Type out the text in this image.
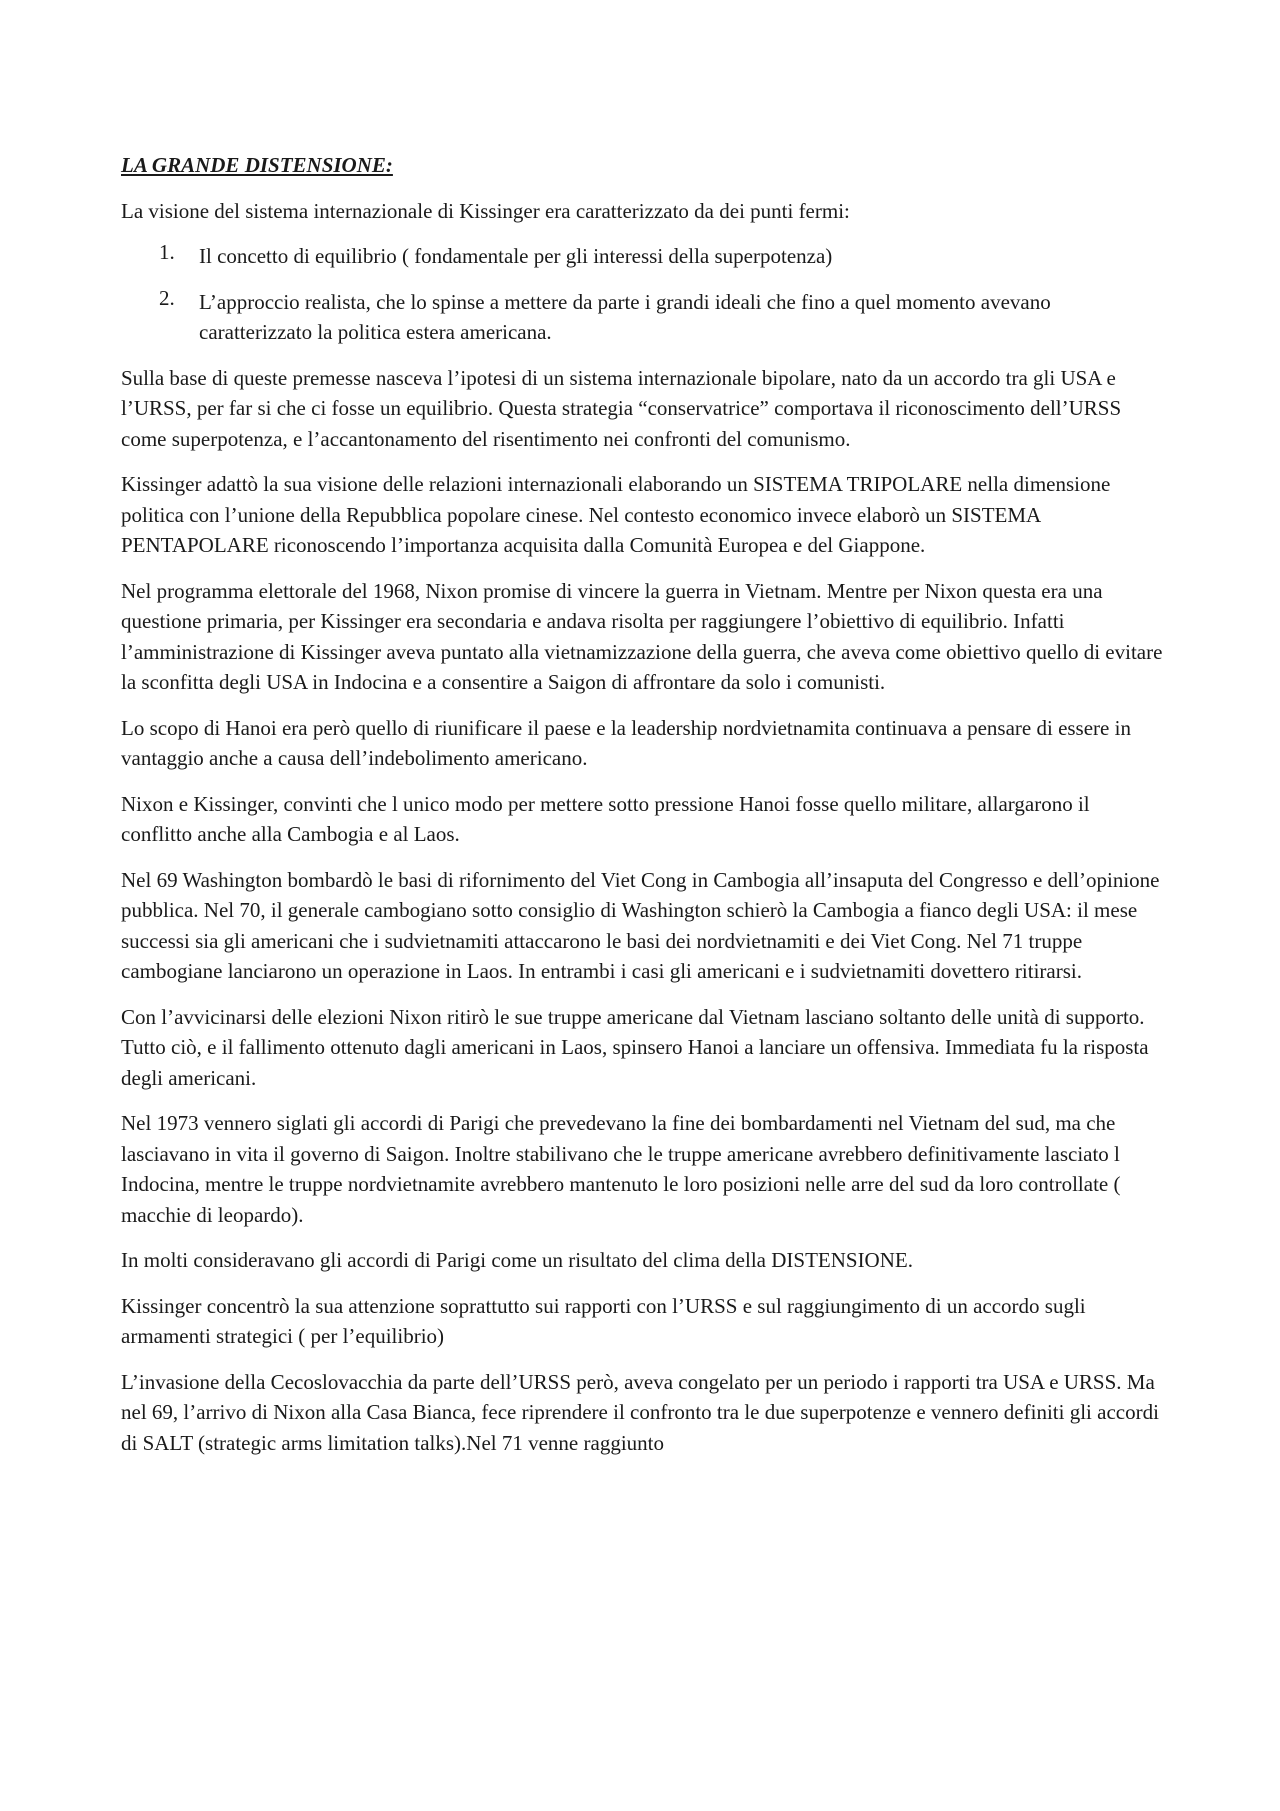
LA GRANDE DISTENSIONE:

La visione del sistema internazionale di Kissinger era caratterizzato da dei punti fermi:

1. Il concetto di equilibrio ( fondamentale per gli interessi della superpotenza)
2. L’approccio realista, che lo spinse a mettere da parte i grandi ideali che fino a quel momento avevano caratterizzato la politica estera americana.

Sulla base di queste premesse nasceva l’ipotesi di un sistema internazionale bipolare, nato da un accordo tra gli USA e l’URSS, per far si che ci fosse un equilibrio. Questa strategia “conservatrice” comportava il riconoscimento dell’URSS come superpotenza, e l’accantonamento del risentimento nei confronti del comunismo.

Kissinger adattò la sua visione delle relazioni internazionali elaborando un SISTEMA TRIPOLARE nella dimensione politica con l’unione della Repubblica popolare cinese. Nel contesto economico invece elaborò un SISTEMA PENTAPOLARE riconoscendo l’importanza acquisita dalla Comunità Europea e del Giappone.

Nel programma elettorale del 1968, Nixon promise di vincere la guerra in Vietnam. Mentre per Nixon questa era una questione primaria, per Kissinger era secondaria e andava risolta per raggiungere l’obiettivo di equilibrio. Infatti l’amministrazione di Kissinger aveva puntato alla vietnamizzazione della guerra, che aveva come obiettivo quello di evitare la sconfitta degli USA in Indocina e a consentire a Saigon di affrontare da solo i comunisti.

Lo scopo di Hanoi era però quello di riunificare il paese e la leadership nordvietnamita continuava a pensare di essere in vantaggio anche a causa dell’indebolimento americano.

Nixon e Kissinger, convinti che l unico modo per mettere sotto pressione Hanoi fosse quello militare, allargarono il conflitto anche alla Cambogia e al Laos.

Nel 69 Washington bombardò le basi di rifornimento del Viet Cong in Cambogia all’insaputa del Congresso e dell’opinione pubblica. Nel 70, il generale cambogiano sotto consiglio di Washington schierò la Cambogia a fianco degli USA: il mese successi sia gli americani che i sudvietnamiti attaccarono le basi dei nordvietnamiti e dei Viet Cong. Nel 71 truppe cambogiane lanciarono un operazione in Laos. In entrambi i casi gli americani e i sudvietnamiti dovettero ritirarsi.

Con l’avvicinarsi delle elezioni Nixon ritirò le sue truppe americane dal Vietnam lasciano soltanto delle unità di supporto. Tutto ciò, e il fallimento ottenuto dagli americani in Laos, spinsero Hanoi a lanciare un offensiva. Immediata fu la risposta degli americani.

Nel 1973 vennero siglati gli accordi di Parigi che prevedevano la fine dei bombardamenti nel Vietnam del sud, ma che lasciavano in vita il governo di Saigon. Inoltre stabilivano che le truppe americane avrebbero definitivamente lasciato l Indocina, mentre le truppe nordvietnamite avrebbero mantenuto le loro posizioni nelle arre del sud da loro controllate ( macchie di leopardo).

In molti consideravano gli accordi di Parigi come un risultato del clima della DISTENSIONE.

Kissinger concentrò la sua attenzione soprattutto sui rapporti con l’URSS e sul raggiungimento di un accordo sugli armamenti strategici ( per l’equilibrio)

L’invasione della Cecoslovacchia da parte dell’URSS però, aveva congelato per un periodo i rapporti tra USA e URSS. Ma nel 69, l’arrivo di Nixon alla Casa Bianca, fece riprendere il confronto tra le due superpotenze e vennero definiti gli accordi di SALT (strategic arms limitation talks).Nel 71 venne raggiunto
